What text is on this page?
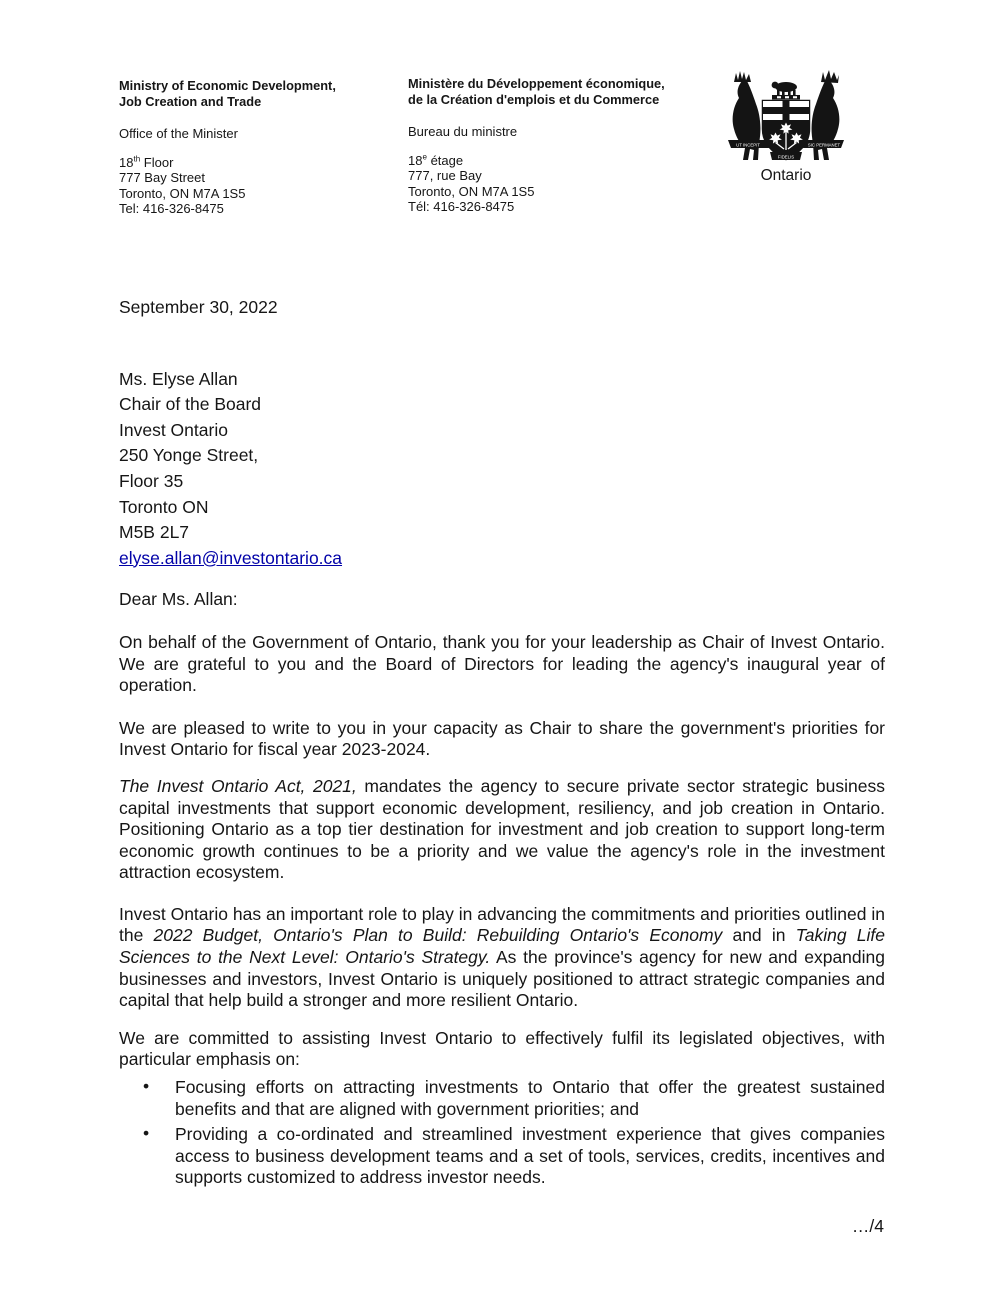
Ministry of Economic Development,
Job Creation and Trade
Office of the Minister
18th Floor
777 Bay Street
Toronto, ON M7A 1S5
Tel: 416-326-8475
Ministère du Développement économique,
de la Création d'emplois et du Commerce
Bureau du ministre
18e étage
777, rue Bay
Toronto, ON M7A 1S5
Tél: 416-326-8475
UT INCEPIT	SIC PERMANET
FIDELIS
Ontario

September 30, 2022

Ms. Elyse Allan
Chair of the Board
Invest Ontario
250 Yonge Street,
Floor 35
Toronto ON
M5B 2L7
elyse.allan@investontario.ca
Dear Ms. Allan:

On behalf of the Government of Ontario, thank you for your leadership as Chair of Invest Ontario. We are grateful to you and the Board of Directors for leading the agency's inaugural year of operation.

We are pleased to write to you in your capacity as Chair to share the government's priorities for Invest Ontario for fiscal year 2023-2024.

The Invest Ontario Act, 2021, mandates the agency to secure private sector strategic business capital investments that support economic development, resiliency, and job creation in Ontario. Positioning Ontario as a top tier destination for investment and job creation to support long-term economic growth continues to be a priority and we value the agency's role in the investment attraction ecosystem.

Invest Ontario has an important role to play in advancing the commitments and priorities outlined in the 2022 Budget, Ontario's Plan to Build: Rebuilding Ontario's Economy and in Taking Life Sciences to the Next Level: Ontario's Strategy. As the province's agency for new and expanding businesses and investors, Invest Ontario is uniquely positioned to attract strategic companies and capital that help build a stronger and more resilient Ontario.

We are committed to assisting Invest Ontario to effectively fulfil its legislated objectives, with particular emphasis on:

• Focusing efforts on attracting investments to Ontario that offer the greatest sustained benefits and that are aligned with government priorities; and
• Providing a co-ordinated and streamlined investment experience that gives companies access to business development teams and a set of tools, services, credits, incentives and supports customized to address investor needs.
…/4
